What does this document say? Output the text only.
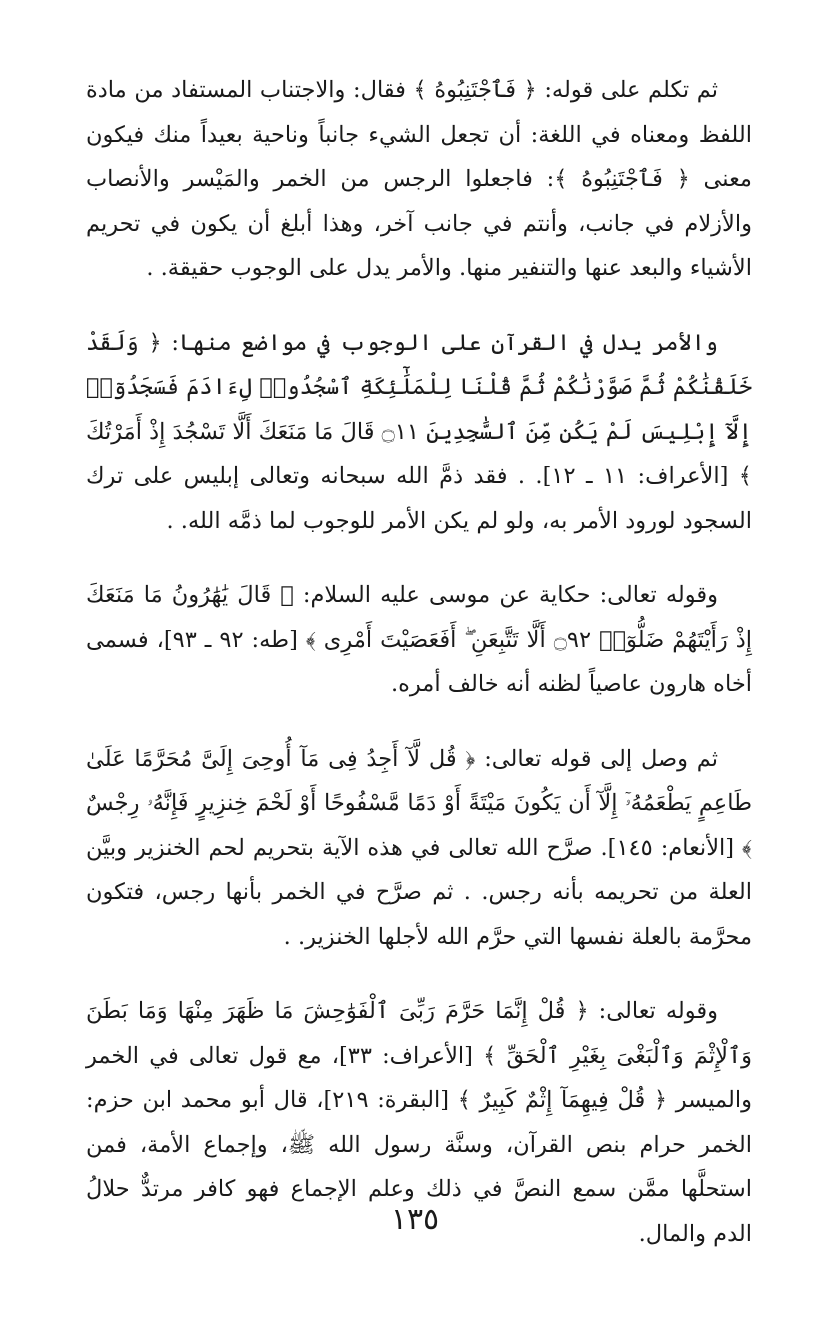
ثم تكلم على قوله: ﴿ فَٱجْتَنِبُوهُ ﴾ فقال: والاجتناب المستفاد من مادة اللفظ ومعناه في اللغة: أن تجعل الشيء جانباً وناحية بعيداً منك فيكون معنى ﴿ فَٱجْتَنِبُوهُ ﴾: فاجعلوا الرجس من الخمر والمَيْسر والأنصاب والأزلام في جانب، وأنتم في جانب آخر، وهذا أبلغ أن يكون في تحريم الأشياء والبعد عنها والتنفير منها. والأمر يدل على الوجوب حقيقة. .

والأمر يدل في القرآن على الوجوب في مواضع منها: ﴿ وَلَقَدْ خَلَقْنَٰكُمْ ثُمَّ صَوَّرْنَٰكُمْ ثُمَّ قُلْنَا لِلْمَلَٰٓئِكَةِ ٱسْجُدُوا۟ لِءَادَمَ فَسَجَدُوٓا۟ إِلَّآ إِبْلِيسَ لَمْ يَكُن مِّنَ ٱلسَّٰجِدِينَ ۝١١ قَالَ مَا مَنَعَكَ أَلَّا تَسْجُدَ إِذْ أَمَرْتُكَ ﴾ [الأعراف: ١١ ـ ١٢]. . فقد ذمَّ الله سبحانه وتعالى إبليس على ترك السجود لورود الأمر به، ولو لم يكن الأمر للوجوب لما ذمَّه الله. .

وقوله تعالى: حكاية عن موسى عليه السلام: ﴿ قَالَ يَٰهَٰرُونُ مَا مَنَعَكَ إِذْ رَأَيْتَهُمْ ضَلُّوٓا۟ ۝٩٢ أَلَّا تَتَّبِعَنِ ۖ أَفَعَصَيْتَ أَمْرِى ﴾ [طه: ٩٢ ـ ٩٣]، فسمى أخاه هارون عاصياً لظنه أنه خالف أمره.

ثم وصل إلى قوله تعالى: ﴿ قُل لَّآ أَجِدُ فِى مَآ أُوحِىَ إِلَىَّ مُحَرَّمًا عَلَىٰ طَاعِمٍ يَطْعَمُهُۥٓ إِلَّآ أَن يَكُونَ مَيْتَةً أَوْ دَمًا مَّسْفُوحًا أَوْ لَحْمَ خِنزِيرٍ فَإِنَّهُۥ رِجْسٌ ﴾ [الأنعام: ١٤٥]. صرَّح الله تعالى في هذه الآية بتحريم لحم الخنزير وبيَّن العلة من تحريمه بأنه رجس. . ثم صرَّح في الخمر بأنها رجس، فتكون محرَّمة بالعلة نفسها التي حرَّم الله لأجلها الخنزير. .

وقوله تعالى: ﴿ قُلْ إِنَّمَا حَرَّمَ رَبِّىَ ٱلْفَوَٰحِشَ مَا ظَهَرَ مِنْهَا وَمَا بَطَنَ وَٱلْإِثْمَ وَٱلْبَغْىَ بِغَيْرِ ٱلْحَقِّ ﴾ [الأعراف: ٣٣]، مع قول تعالى في الخمر والميسر ﴿ قُلْ فِيهِمَآ إِثْمٌ كَبِيرٌ ﴾ [البقرة: ٢١٩]، قال أبو محمد ابن حزم: الخمر حرام بنص القرآن، وسنَّة رسول الله ﷺ، وإجماع الأمة، فمن استحلَّها ممَّن سمع النصَّ في ذلك وعلم الإجماع فهو كافر مرتدٌّ حلالُ الدم والمال.

١٣٥
